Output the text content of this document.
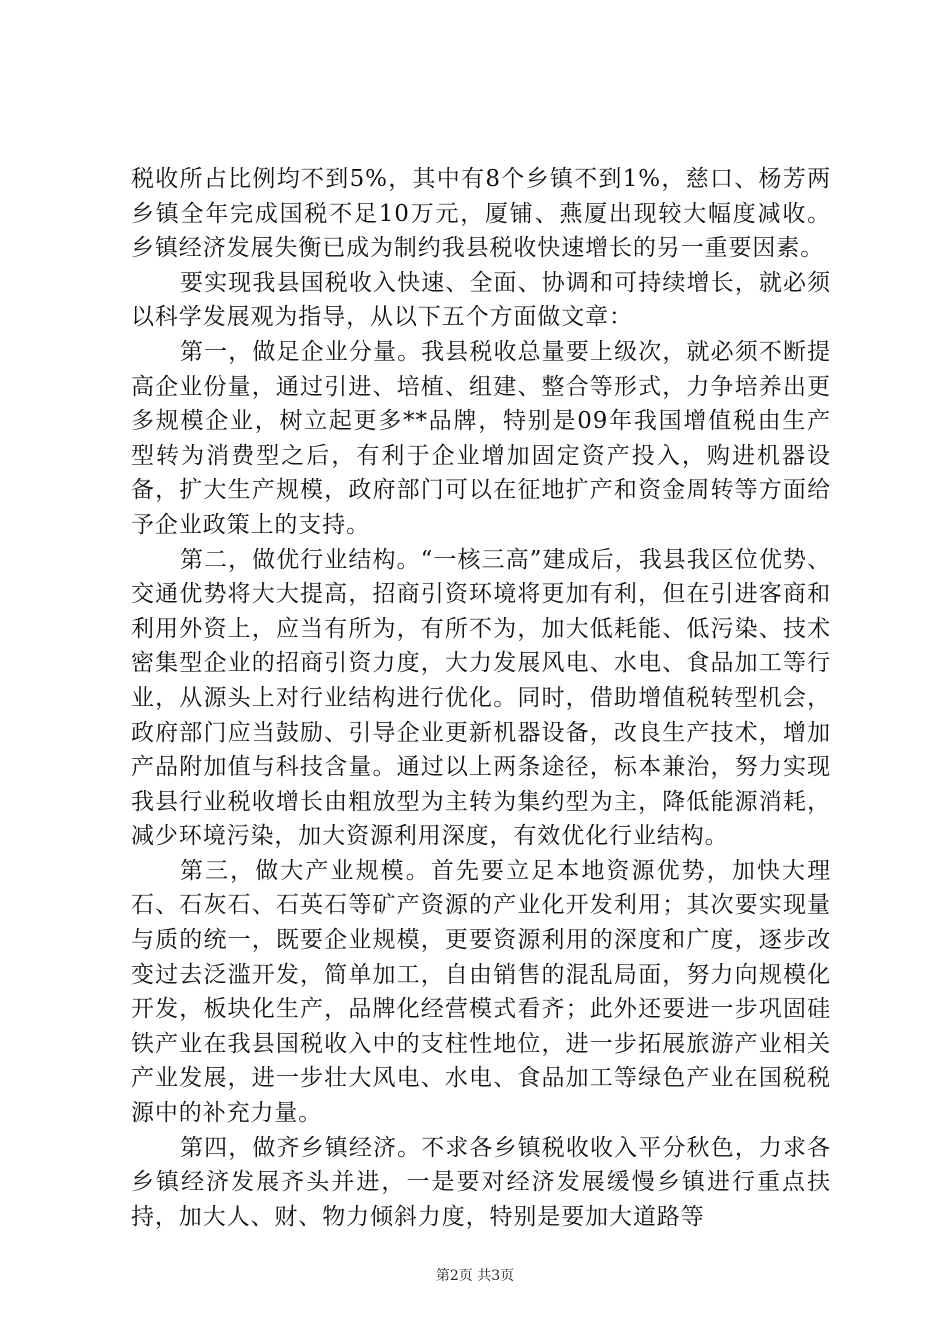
税收所占比例均不到5%，其中有8个乡镇不到1%，慈口、杨芳两乡镇全年完成国税不足10万元，厦铺、燕厦出现较大幅度减收。乡镇经济发展失衡已成为制约我县税收快速增长的另一重要因素。

要实现我县国税收入快速、全面、协调和可持续增长，就必须以科学发展观为指导，从以下五个方面做文章：

第一，做足企业分量。我县税收总量要上级次，就必须不断提高企业份量，通过引进、培植、组建、整合等形式，力争培养出更多规模企业，树立起更多**品牌，特别是09年我国增值税由生产型转为消费型之后，有利于企业增加固定资产投入，购进机器设备，扩大生产规模，政府部门可以在征地扩产和资金周转等方面给予企业政策上的支持。

第二，做优行业结构。“一核三高”建成后，我县我区位优势、交通优势将大大提高，招商引资环境将更加有利，但在引进客商和利用外资上，应当有所为，有所不为，加大低耗能、低污染、技术密集型企业的招商引资力度，大力发展风电、水电、食品加工等行业，从源头上对行业结构进行优化。同时，借助增值税转型机会，政府部门应当鼓励、引导企业更新机器设备，改良生产技术，增加产品附加值与科技含量。通过以上两条途径，标本兼治，努力实现我县行业税收增长由粗放型为主转为集约型为主，降低能源消耗，减少环境污染，加大资源利用深度，有效优化行业结构。

第三，做大产业规模。首先要立足本地资源优势，加快大理石、石灰石、石英石等矿产资源的产业化开发利用；其次要实现量与质的统一，既要企业规模，更要资源利用的深度和广度，逐步改变过去泛滥开发，简单加工，自由销售的混乱局面，努力向规模化开发，板块化生产，品牌化经营模式看齐；此外还要进一步巩固硅铁产业在我县国税收入中的支柱性地位，进一步拓展旅游产业相关产业发展，进一步壮大风电、水电、食品加工等绿色产业在国税税源中的补充力量。

第四，做齐乡镇经济。不求各乡镇税收收入平分秋色，力求各乡镇经济发展齐头并进，一是要对经济发展缓慢乡镇进行重点扶持，加大人、财、物力倾斜力度，特别是要加大道路等

第2页 共3页
